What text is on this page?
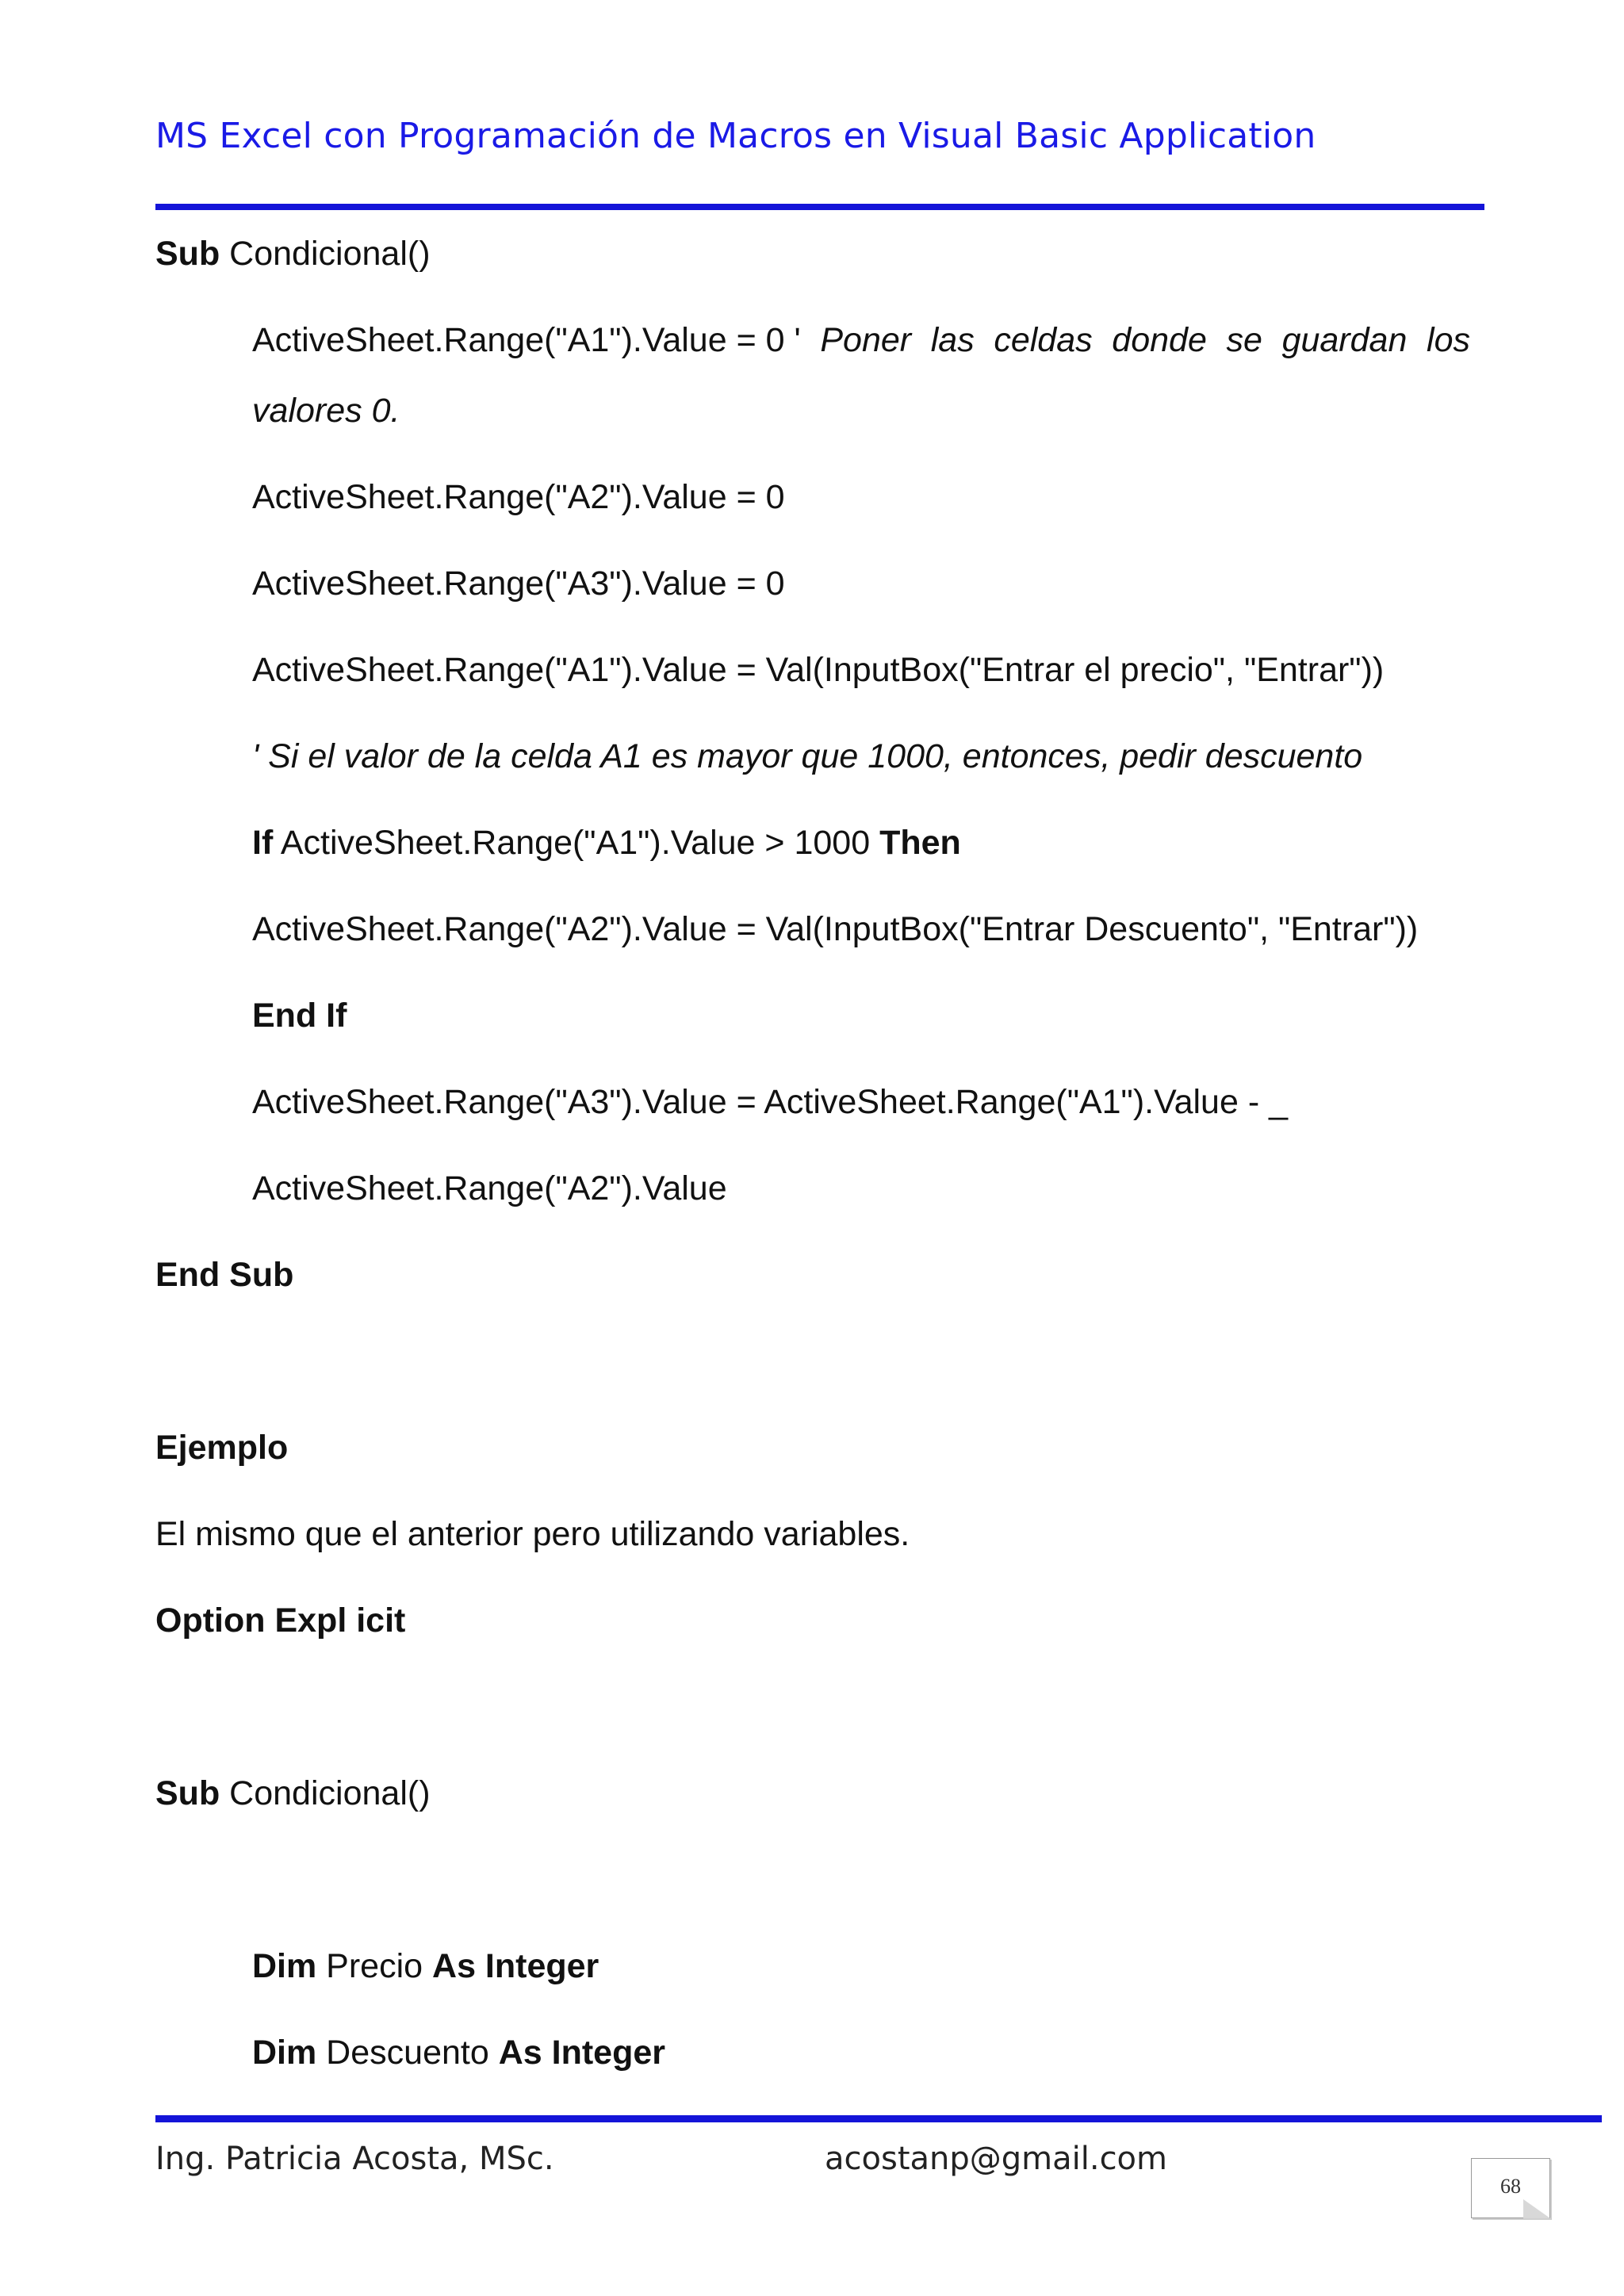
MS Excel con Programación de Macros en Visual Basic Application
Sub Condicional()
ActiveSheet.Range("A1").Value = 0 ' Poner las celdas donde se guardan los
valores 0.
ActiveSheet.Range("A2").Value = 0
ActiveSheet.Range("A3").Value = 0
ActiveSheet.Range("A1").Value = Val(InputBox("Entrar el precio", "Entrar"))
' Si el valor de la celda A1 es mayor que 1000, entonces, pedir descuento
If ActiveSheet.Range("A1").Value > 1000 Then
ActiveSheet.Range("A2").Value = Val(InputBox("Entrar Descuento", "Entrar"))
End If
ActiveSheet.Range("A3").Value = ActiveSheet.Range("A1").Value - _
ActiveSheet.Range("A2").Value
End Sub
Ejemplo
El mismo que el anterior pero utilizando variables.
Option Expl icit
Sub Condicional()
Dim Precio As Integer
Dim Descuento As Integer
Ing. Patricia Acosta, MSc.	acostanp@gmail.com
68
